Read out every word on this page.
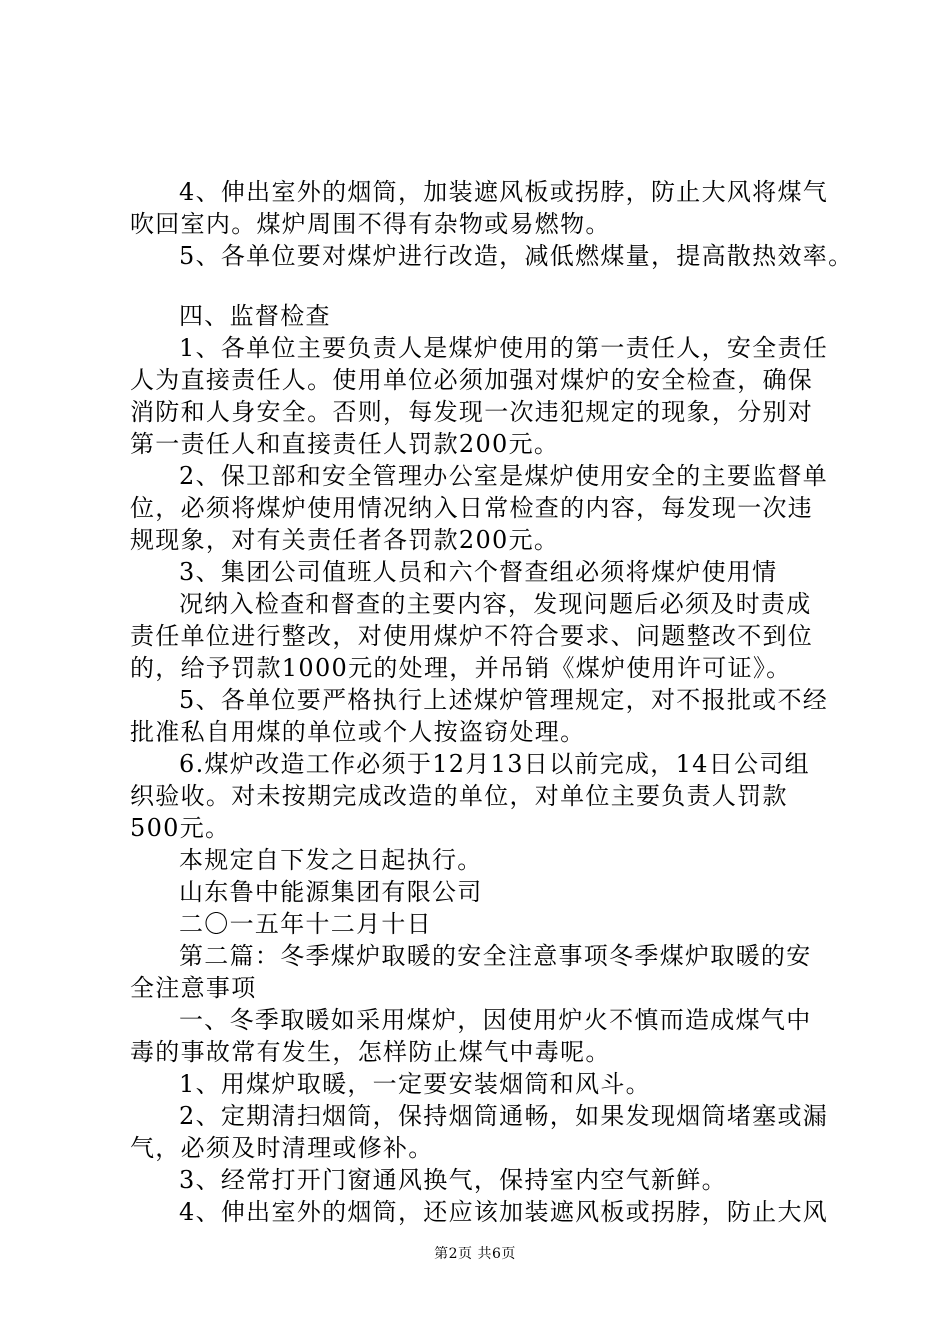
4、伸出室外的烟筒，加装遮风板或拐脖，防止大风将煤气
吹回室内。煤炉周围不得有杂物或易燃物。
5、各单位要对煤炉进行改造，减低燃煤量，提高散热效率。
四、监督检查
1、各单位主要负责人是煤炉使用的第一责任人，安全责任
人为直接责任人。使用单位必须加强对煤炉的安全检查，确保
消防和人身安全。否则，每发现一次违犯规定的现象，分别对
第一责任人和直接责任人罚款200元。
2、保卫部和安全管理办公室是煤炉使用安全的主要监督单
位，必须将煤炉使用情况纳入日常检查的内容，每发现一次违
规现象，对有关责任者各罚款200元。
3、集团公司值班人员和六个督查组必须将煤炉使用情
况纳入检查和督查的主要内容，发现问题后必须及时责成
责任单位进行整改，对使用煤炉不符合要求、问题整改不到位
的，给予罚款1000元的处理，并吊销《煤炉使用许可证》。
5、各单位要严格执行上述煤炉管理规定，对不报批或不经
批准私自用煤的单位或个人按盗窃处理。
6.煤炉改造工作必须于12月13日以前完成，14日公司组
织验收。对未按期完成改造的单位，对单位主要负责人罚款
500元。
本规定自下发之日起执行。
山东鲁中能源集团有限公司
二〇一五年十二月十日
第二篇：冬季煤炉取暖的安全注意事项冬季煤炉取暖的安
全注意事项
一、冬季取暖如采用煤炉，因使用炉火不慎而造成煤气中
毒的事故常有发生，怎样防止煤气中毒呢。
1、用煤炉取暖，一定要安装烟筒和风斗。
2、定期清扫烟筒，保持烟筒通畅，如果发现烟筒堵塞或漏
气，必须及时清理或修补。
3、经常打开门窗通风换气，保持室内空气新鲜。
4、伸出室外的烟筒，还应该加装遮风板或拐脖，防止大风
第2页 共6页
